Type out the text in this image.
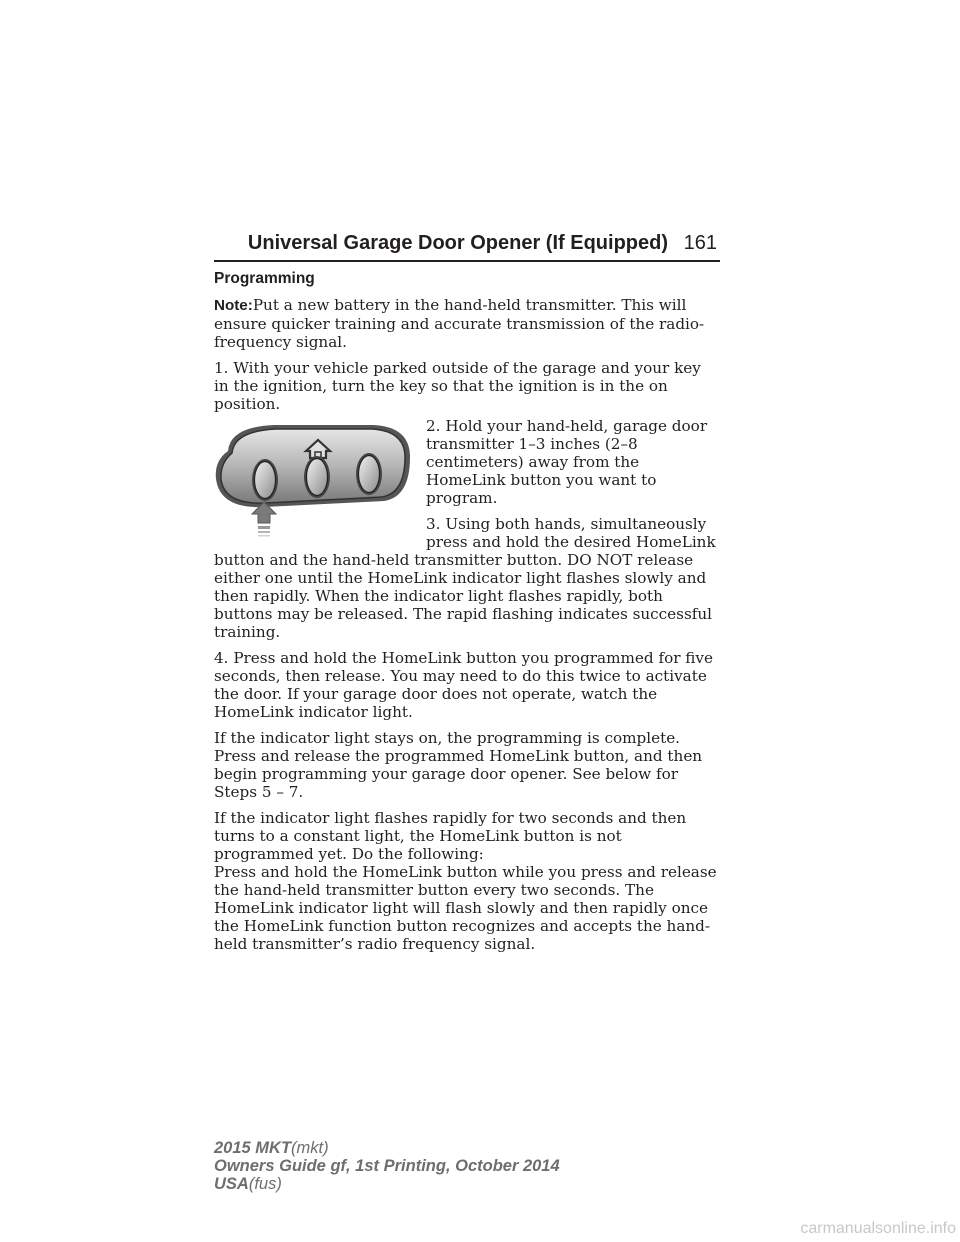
Universal Garage Door Opener (If Equipped) 161
Programming

Note:Put a new battery in the hand-held transmitter. This will ensure quicker training and accurate transmission of the radio-frequency signal.

1. With your vehicle parked outside of the garage and your key in the ignition, turn the key so that the ignition is in the on position.

2. Hold your hand-held, garage door transmitter 1–3 inches (2–8 centimeters) away from the HomeLink button you want to program.

3. Using both hands, simultaneously press and hold the desired HomeLink button and the hand-held transmitter button. DO NOT release either one until the HomeLink indicator light flashes slowly and then rapidly. When the indicator light flashes rapidly, both buttons may be released. The rapid flashing indicates successful training.

4. Press and hold the HomeLink button you programmed for five seconds, then release. You may need to do this twice to activate the door. If your garage door does not operate, watch the HomeLink indicator light.

If the indicator light stays on, the programming is complete. Press and release the programmed HomeLink button, and then begin programming your garage door opener. See below for Steps 5 – 7.

If the indicator light flashes rapidly for two seconds and then turns to a constant light, the HomeLink button is not programmed yet. Do the following:

Press and hold the HomeLink button while you press and release the hand-held transmitter button every two seconds. The HomeLink indicator light will flash slowly and then rapidly once the HomeLink function button recognizes and accepts the hand-held transmitter’s radio frequency signal.

2015 MKT(mkt)
Owners Guide gf, 1st Printing, October 2014
USA(fus)
carmanualsonline.info
